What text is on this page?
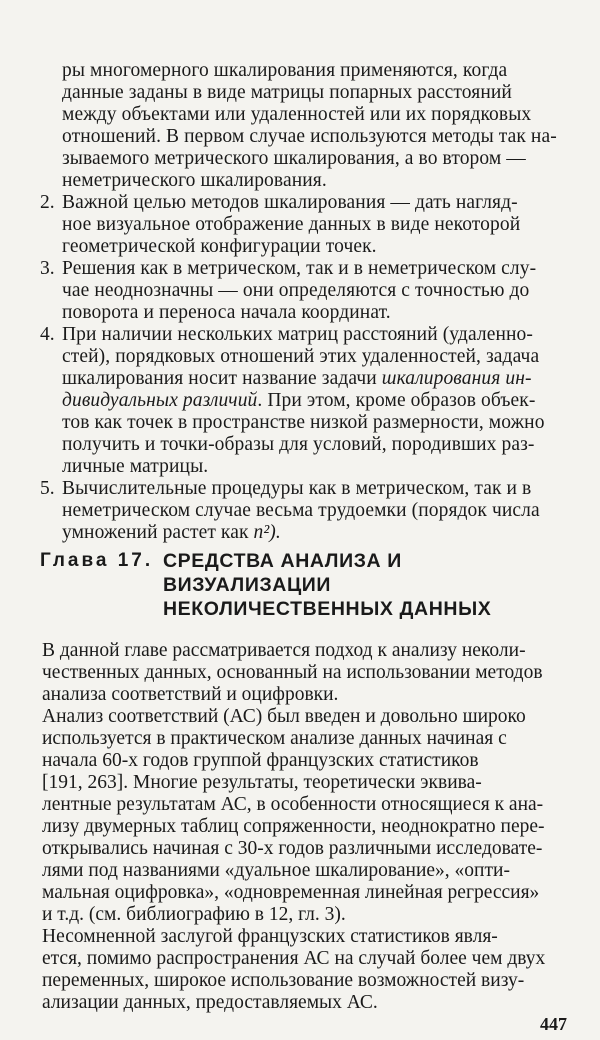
ры многомерного шкалирования применяются, когда
данные заданы в виде матрицы попарных расстояний
между объектами или удаленностей или их порядковых
отношений. В первом случае используются методы так на-
зываемого метрического шкалирования, а во втором —
неметрического шкалирования.
2. Важной целью методов шкалирования — дать нагляд-
ное визуальное отображение данных в виде некоторой
геометрической конфигурации точек.
3. Решения как в метрическом, так и в неметрическом слу-
чае неоднозначны — они определяются с точностью до
поворота и переноса начала координат.
4. При наличии нескольких матриц расстояний (удаленно-
стей), порядковых отношений этих удаленностей, задача
шкалирования носит название задачи шкалирования ин-
дивидуальных различий. При этом, кроме образов объек-
тов как точек в пространстве низкой размерности, можно
получить и точки-образы для условий, породивших раз-
личные матрицы.
5. Вычислительные процедуры как в метрическом, так и в
неметрическом случае весьма трудоемки (порядок числа
умножений растет как n²).
Глава 17. СРЕДСТВА АНАЛИЗА И
ВИЗУАЛИЗАЦИИ
НЕКОЛИЧЕСТВЕННЫХ ДАННЫХ
В данной главе рассматривается подход к анализу неколи-
чественных данных, основанный на использовании методов
анализа соответствий и оцифровки.
Анализ соответствий (АС) был введен и довольно широко
используется в практическом анализе данных начиная с
начала 60-х годов группой французских статистиков
[191, 263]. Многие результаты, теоретически эквива-
лентные результатам АС, в особенности относящиеся к ана-
лизу двумерных таблиц сопряженности, неоднократно пере-
открывались начиная с 30-х годов различными исследовате-
лями под названиями «дуальное шкалирование», «опти-
мальная оцифровка», «одновременная линейная регрессия»
и т.д. (см. библиографию в 12, гл. 3).
Несомненной заслугой французских статистиков явля-
ется, помимо распространения АС на случай более чем двух
переменных, широкое использование возможностей визу-
ализации данных, предоставляемых АС.
447
